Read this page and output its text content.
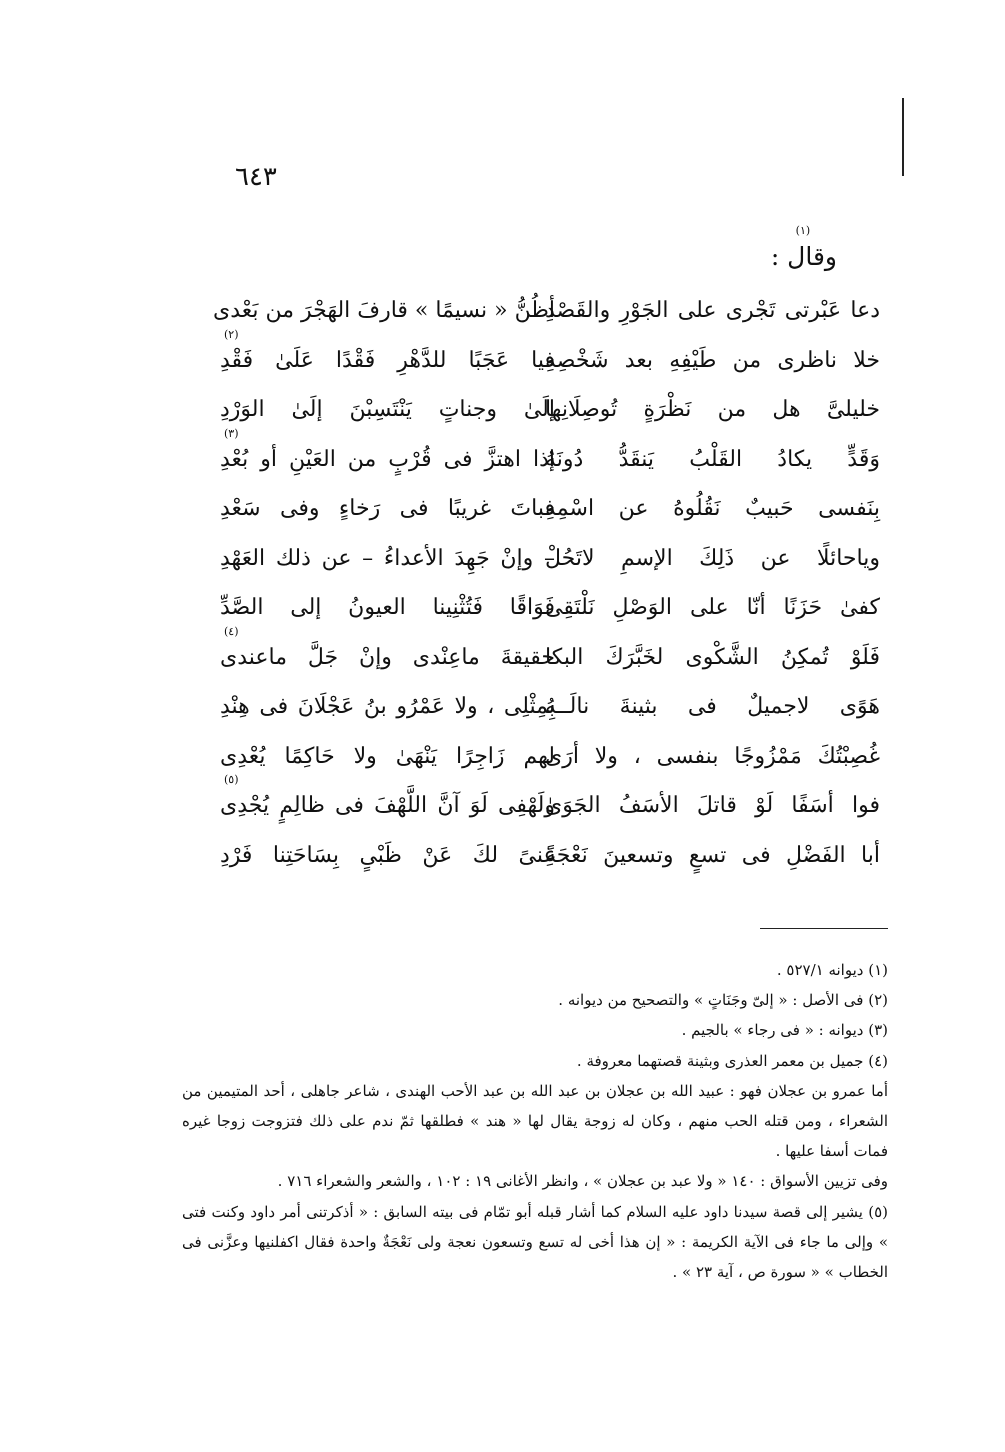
٦٤٣
(١)
وقال :
دعا عَبْرتى تَجْرى على الجَوْرِ والقَصْدِ
أظُنُّ « نسيمًا » قارفَ الهَجْرَ من بَعْدى
خلا ناظرى من طَيْفِهِ بعد شَخْصِهِ
فيا عَجَبًا للدَّهْرِ فَقْدًا عَلَىٰ فَقْدِ
(٢)
خليلىَّ هل من نَظْرَةٍ تُوصِلَانِها
إلَىٰ وجناتٍ يَنْتَسِبْنَ إلَىٰ الوَرْدِ
وَقَدٍّ يكادُ القَلْبُ يَنقَدُّ دُونَهُ
إذا اهتزَّ فى قُرْبٍ من العَيْنِ أو بُعْدِ
(٣)
بِنَفسى حَبيبٌ نَقُلُوهُ عن اسْمِهِ
فباتَ غريبًا فى رَخاءٍ وفى سَعْدِ
وياحائلًا عن ذَلِكَ الإسمِ لاتَحُلْ
– وإنْ جَهِدَ الأعداءُ – عن ذلك العَهْدِ
كفىٰ حَزَنًا أنّا على الوَصْلِ نَلْتَقِى
فَوَاقًا فَتُثْنِينا العيونُ إلى الصَّدِّ
فَلَوْ تُمكِنُ الشَّكْوى لخَبَّرَكَ البكا
حقيقةَ ماعِنْدى وإنْ جَلَّ ماعندى
(٤)
هَوًى لاجميلٌ فى بثينةَ نالَــهُ
بِمِثْلِى ، ولا عَمْرُو بنُ عَجْلَانَ فى هِنْدِ
غُصِبْتُكَ مَمْزُوجًا بنفسى ، ولا أرَى
لهم زَاجِرًا يَنْهَىٰ ولا حَاكِمًا يُعْدِى
فوا أسَفًا لَوْ قاتلَ الأسَفُ الجَوَىٰ
ولَهْفِى لَوَ آنَّ اللَّهْفَ فى ظالِمٍ يُجْدِى
(٥)
أبا الفَضْلِ فى تسعٍ وتسعينَ نَعْجَةً
غِنىً لكَ عَنْ ظَبْىٍ بِسَاحَتِنا فَرْدِ

(١) ديوانه ٥٢٧/١ .

(٢) فى الأصل : « إلىّ وجَنَاتٍ » والتصحيح من ديوانه .

(٣) ديوانه : « فى رجاء » بالجيم .

(٤) جميل بن معمر العذرى وبثينة قصتهما معروفة .

أما عمرو بن عجلان فهو : عبيد الله بن عجلان بن عبد الله بن عبد الأحب الهندى ، شاعر جاهلى ، أحد المتيمين من الشعراء ، ومن قتله الحب منهم ، وكان له زوجة يقال لها « هند » فطلقها ثمّ ندم على ذلك فتزوجت زوجا غيره فمات أسفا عليها .

وفى تزيين الأسواق : ١٤٠ « ولا عبد بن عجلان » ، وانظر الأغانى ١٩ : ١٠٢ ، والشعر والشعراء ٧١٦ .

(٥) يشير إلى قصة سيدنا داود عليه السلام كما أشار قبله أبو تمّام فى بيته السابق : « أذكرتنى أمر داود وكنت فتى » وإلى ما جاء فى الآية الكريمة : « إن هذا أخى له تسع وتسعون نعجة ولى نَعْجَةٌ واحدة فقال اكفلنيها وعزَّنى فى الخطاب » « سورة ص ، آية ٢٣ » .
